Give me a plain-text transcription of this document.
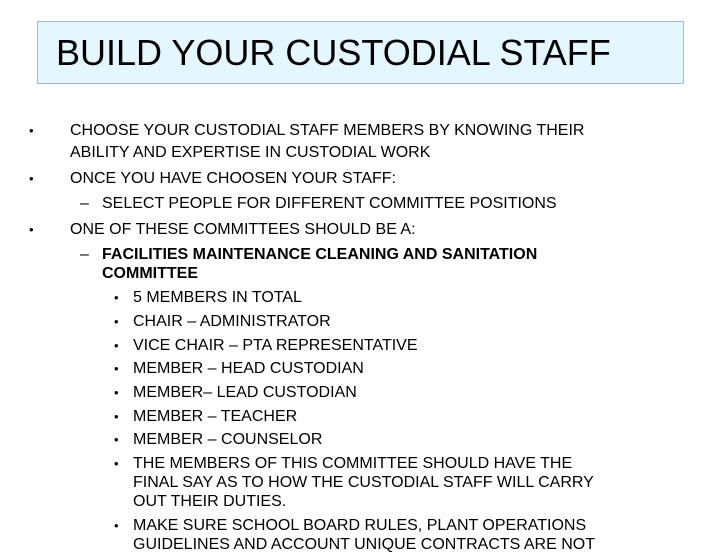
BUILD YOUR CUSTODIAL STAFF
• CHOOSE YOUR CUSTODIAL STAFF MEMBERS BY KNOWING THEIR
ABILITY AND EXPERTISE IN CUSTODIAL WORK
• ONCE YOU HAVE CHOOSEN YOUR STAFF:
– SELECT PEOPLE FOR DIFFERENT COMMITTEE POSITIONS
• ONE OF THESE COMMITTEES SHOULD BE A:
– FACILITIES MAINTENANCE CLEANING AND SANITATION
COMMITTEE
• 5 MEMBERS IN TOTAL
• CHAIR – ADMINISTRATOR
• VICE CHAIR – PTA REPRESENTATIVE
• MEMBER – HEAD CUSTODIAN
• MEMBER– LEAD CUSTODIAN
• MEMBER – TEACHER
• MEMBER – COUNSELOR
• THE MEMBERS OF THIS COMMITTEE SHOULD HAVE THE
FINAL SAY AS TO HOW THE CUSTODIAL STAFF WILL CARRY
OUT THEIR DUTIES.
• MAKE SURE SCHOOL BOARD RULES, PLANT OPERATIONS
GUIDELINES AND ACCOUNT UNIQUE CONTRACTS ARE NOT
